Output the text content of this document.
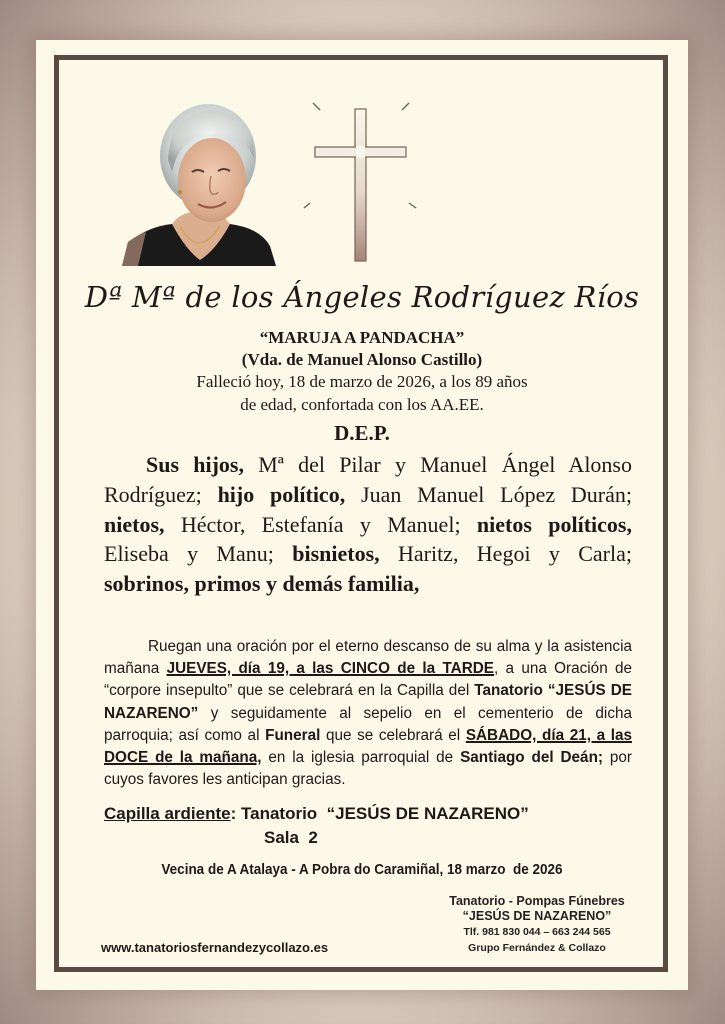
Dª Mª de los Ángeles Rodríguez Ríos
“MARUJA A PANDACHA”
(Vda. de Manuel Alonso Castillo)
Falleció hoy, 18 de marzo de 2026, a los 89 años
de edad, confortada con los AA.EE.
D.E.P.
Sus hijos, Mª del Pilar y Manuel Ángel Alonso Rodríguez; hijo político, Juan Manuel López Durán; nietos, Héctor, Estefanía y Manuel; nietos políticos, Eliseba y Manu; bisnietos, Haritz, Hegoi y Carla; sobrinos, primos y demás familia,
Ruegan una oración por el eterno descanso de su alma y la asistencia mañana JUEVES, día 19, a las CINCO de la TARDE, a una Oración de “corpore insepulto” que se celebrará en la Capilla del Tanatorio “JESÚS DE NAZARENO” y seguidamente al sepelio en el cementerio de dicha parroquia; así como al Funeral que se celebrará el SÁBADO, día 21, a las DOCE de la mañana, en la iglesia parroquial de Santiago del Deán; por cuyos favores les anticipan gracias.
Capilla ardiente: Tanatorio  “JESÚS DE NAZARENO”
Sala  2
Vecina de A Atalaya - A Pobra do Caramiñal, 18 marzo  de 2026
Tanatorio - Pompas Fúnebres
“JESÚS DE NAZARENO”
Tlf. 981 830 044 – 663 244 565
Grupo Fernández & Collazo
www.tanatoriosfernandezycollazo.es
